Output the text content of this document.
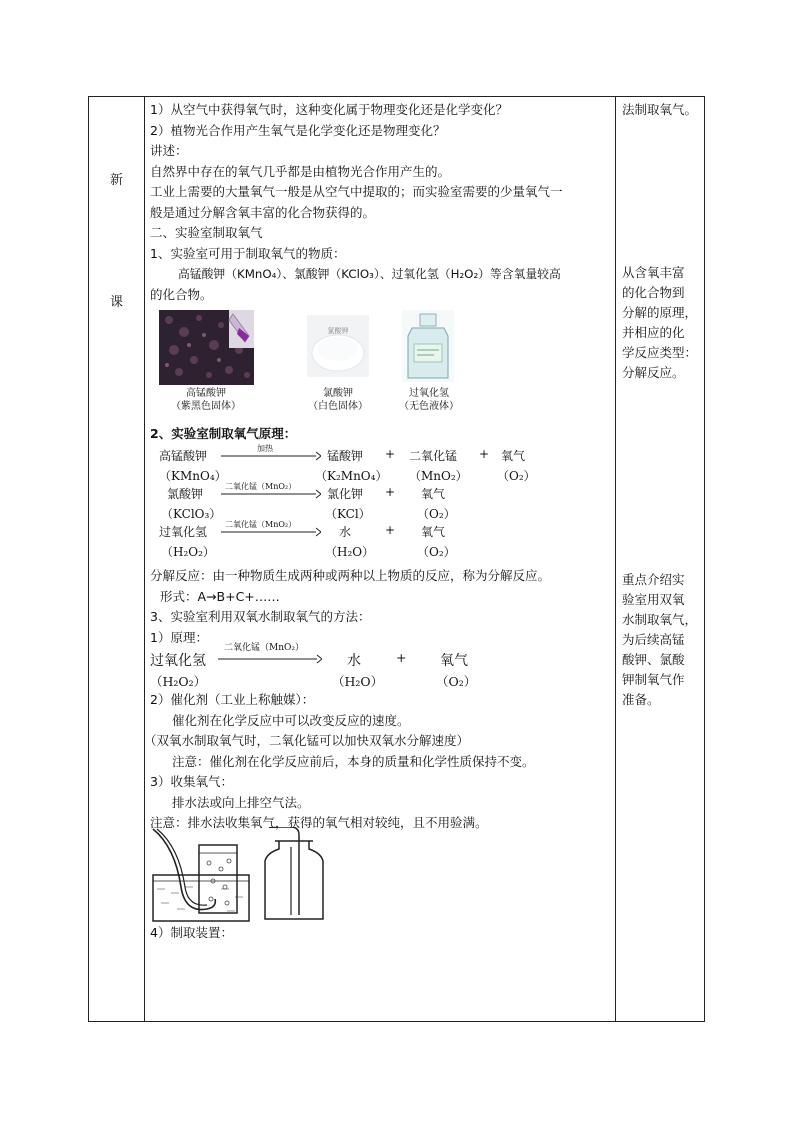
新
课
1）从空气中获得氧气时，这种变化属于物理变化还是化学变化？
2）植物光合作用产生氧气是化学变化还是物理变化？
讲述：
自然界中存在的氧气几乎都是由植物光合作用产生的。
工业上需要的大量氧气一般是从空气中提取的；而实验室需要的少量氧气一
般是通过分解含氧丰富的化合物获得的。
二、实验室制取氧气
1、实验室可用于制取氧气的物质：
高锰酸钾（KMnO₄）、氯酸钾（KClO₃）、过氧化氢（H₂O₂）等含氧量较高
的化合物。
高锰酸钾
（紫黑色固体）
氯酸钾
氯酸钾
（白色固体）
过氧化氢
（无色液体）
2、实验室制取氧气原理：
高锰酸钾
（KMnO₄）
加热
锰酸钾
（K₂MnO₄）
+ 二氧化锰
（MnO₂）
+ 氧气
（O₂）
氯酸钾
（KClO₃）
二氧化锰（MnO₂）
氯化钾
（KCl）
+ 氧气
（O₂）
过氧化氢
（H₂O₂）
二氧化锰（MnO₂）
水
（H₂O）
+ 氧气
（O₂）
分解反应：由一种物质生成两种或两种以上物质的反应，称为分解反应。
形式：A→B+C+……
3、实验室利用双氧水制取氧气的方法：
1）原理：
过氧化氢
（H₂O₂）
二氧化锰（MnO₂）
水
（H₂O）
+ 氧气
（O₂）
2）催化剂（工业上称触媒）：
催化剂在化学反应中可以改变反应的速度。
（双氧水制取氧气时，二氧化锰可以加快双氧水分解速度）
注意：催化剂在化学反应前后，本身的质量和化学性质保持不变。
3）收集氧气：
排水法或向上排空气法。
注意：排水法收集氧气，获得的氧气相对较纯，且不用验满。
4）制取装置：
法制取氧气。
从含氧丰富
的化合物到
分解的原理，
并相应的化
学反应类型：
分解反应。
重点介绍实
验室用双氧
水制取氧气，
为后续高锰
酸钾、氯酸
钾制氧气作
准备。
